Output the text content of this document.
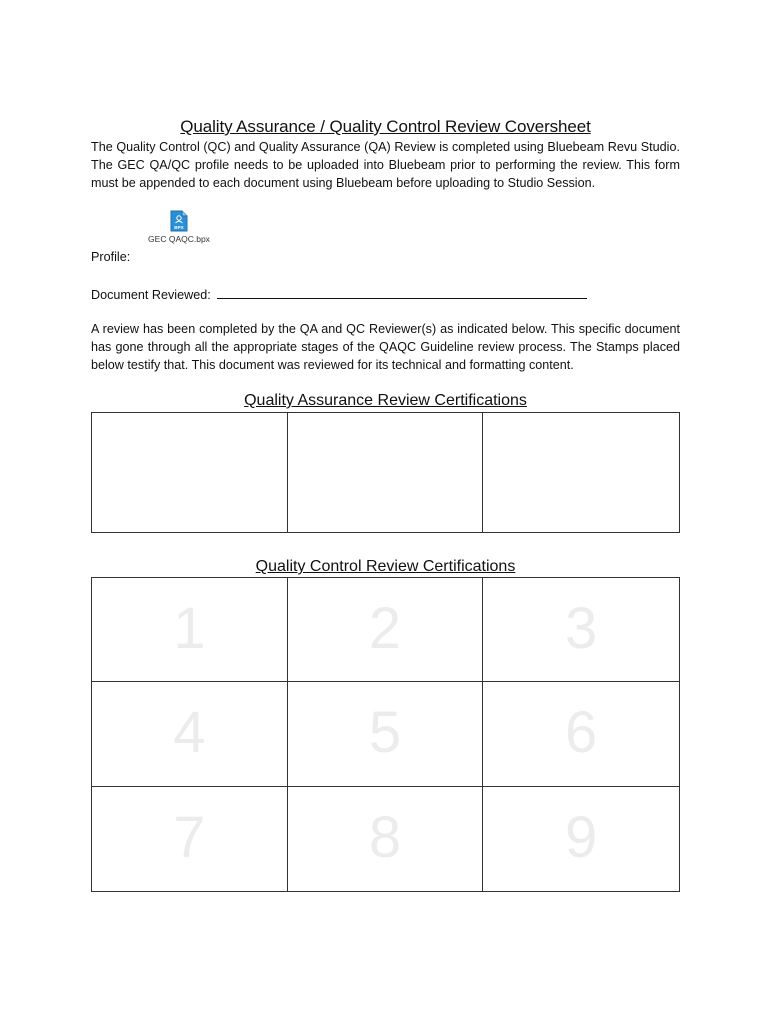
Quality Assurance / Quality Control Review Coversheet

The Quality Control (QC) and Quality Assurance (QA) Review is completed using Bluebeam Revu Studio. The GEC QA/QC profile needs to be uploaded into Bluebeam prior to performing the review. This form must be appended to each document using Bluebeam before uploading to Studio Session.

BPX
GEC QAQC.bpx
Profile:
Document Reviewed:

A review has been completed by the QA and QC Reviewer(s) as indicated below. This specific document has gone through all the appropriate stages of the QAQC Guideline review process. The Stamps placed below testify that. This document was reviewed for its technical and formatting content.

Quality Assurance Review Certifications
Quality Control Review Certifications
1	2	3
4	5	6
7	8	9
